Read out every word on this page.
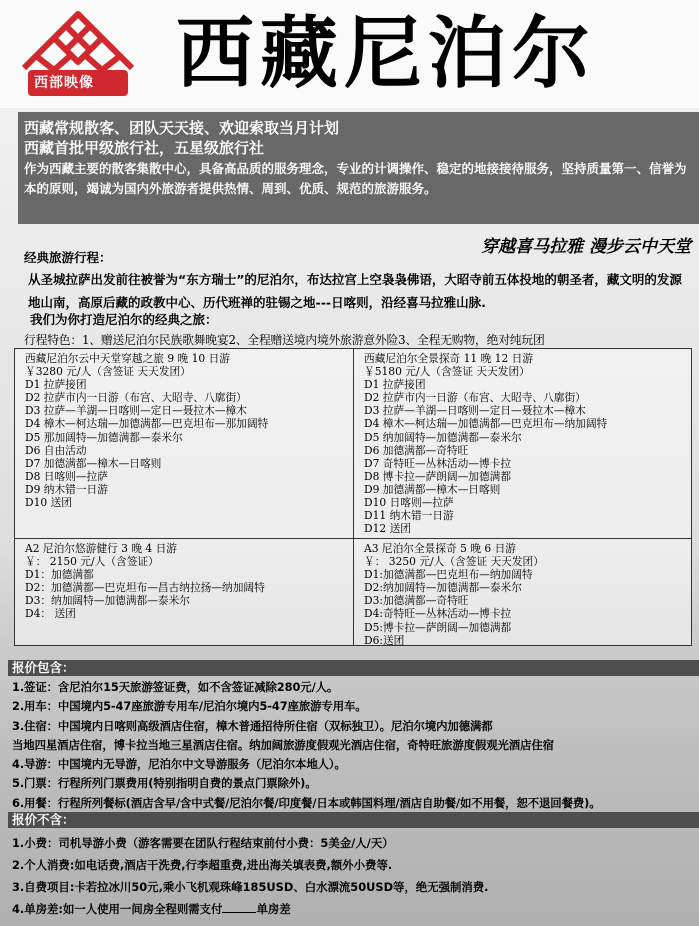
西部映像 西藏尼泊尔
西藏常规散客、团队天天接、欢迎索取当月计划
西藏首批甲级旅行社，五星级旅行社
作为西藏主要的散客集散中心，具备高品质的服务理念，专业的计调操作、稳定的地接接待服务，坚持质量第一、信誉为本的原则，竭诚为国内外旅游者提供热情、周到、优质、规范的旅游服务。
穿越喜马拉雅 漫步云中天堂
经典旅游行程：
从圣城拉萨出发前往被誉为“东方瑞士”的尼泊尔，布达拉宫上空袅袅佛语，大昭寺前五体投地的朝圣者，藏文明的发源地山南，高原后藏的政教中心、历代班禅的驻锡之地---日喀则，沿经喜马拉雅山脉.
我们为你打造尼泊尔的经典之旅：
行程特色：1、赠送尼泊尔民族歌舞晚宴2、全程赠送境内境外旅游意外险3、全程无购物，绝对纯玩团
西藏尼泊尔云中天堂穿越之旅 9 晚 10 日游
￥3280 元/人（含签证 天天发团）
D1 拉萨接团
D2 拉萨市内一日游（布宫、大昭寺、八廓街）
D3 拉萨—羊湖—日喀则—定日—聂拉木—樟木
D4 樟木—柯达瑞—加德满都—巴克坦布—那加阔特
D5 那加阔特—加德满都—泰米尔
D6 自由活动
D7 加德满都—樟木—日喀则
D8 日喀则—拉萨
D9 纳木错一日游
D10 送团
西藏尼泊尔全景探奇 11 晚 12 日游
￥5180 元/人（含签证 天天发团）
D1 拉萨接团
D2 拉萨市内一日游（布宫、大昭寺、八廓街）
D3 拉萨—羊湖—日喀则—定日—聂拉木—樟木
D4 樟木—柯达瑞—加德满都—巴克坦布—纳加阔特
D5 纳加阔特—加德满都—泰米尔
D6 加德满都—奇特旺
D7 奇特旺—丛林活动—博卡拉
D8 博卡拉—萨朗阔—加德满都
D9 加德满都—樟木—日喀则
D10 日喀则—拉萨
D11 纳木错一日游
D12 送团
A2 尼泊尔悠游健行 3 晚 4 日游
￥： 2150 元/人（含签证）
D1：加德满都
D2：加德满都—巴克坦布—昌古纳拉扬—纳加阔特
D3：纳加阔特—加德满都—泰米尔
D4： 送团
A3 尼泊尔全景探奇 5 晚 6 日游
￥： 3250 元/人（含签证 天天发团）
D1:加德满都—巴克坦布—纳加阔特
D2:纳加阔特—加德满都—泰米尔
D3:加德满都—奇特旺
D4:奇特旺—丛林活动—博卡拉
D5:博卡拉—萨朗阔—加德满都
D6:送团
报价包含：
1.签证：含尼泊尔15天旅游签证费，如不含签证减除280元/人。
2.用车：中国境内5-47座旅游专用车/尼泊尔境内5-47座旅游专用车。
3.住宿：中国境内日喀则高级酒店住宿，樟木普通招待所住宿（双标独卫）。尼泊尔境内加德满都
当地四星酒店住宿，博卡拉当地三星酒店住宿。纳加阔旅游度假观光酒店住宿，奇特旺旅游度假观光酒店住宿
4.导游：中国境内无导游，尼泊尔中文导游服务（尼泊尔本地人）。
5.门票：行程所列门票费用(特别指明自费的景点门票除外)。
6.用餐：行程所列餐标(酒店含早/含中式餐/尼泊尔餐/印度餐/日本或韩国料理/酒店自助餐/如不用餐，恕不退回餐费)。
报价不含：
1.小费：司机导游小费（游客需要在团队行程结束前付小费：5美金/人/天）
2.个人消费:如电话费,酒店干洗费,行李超重费,进出海关填表费,额外小费等.
3.自费项目:卡若拉冰川50元,乘小飞机观珠峰185USD、白水漂流50USD等，绝无强制消费.
4.单房差:如一人使用一间房全程则需支付	单房差
